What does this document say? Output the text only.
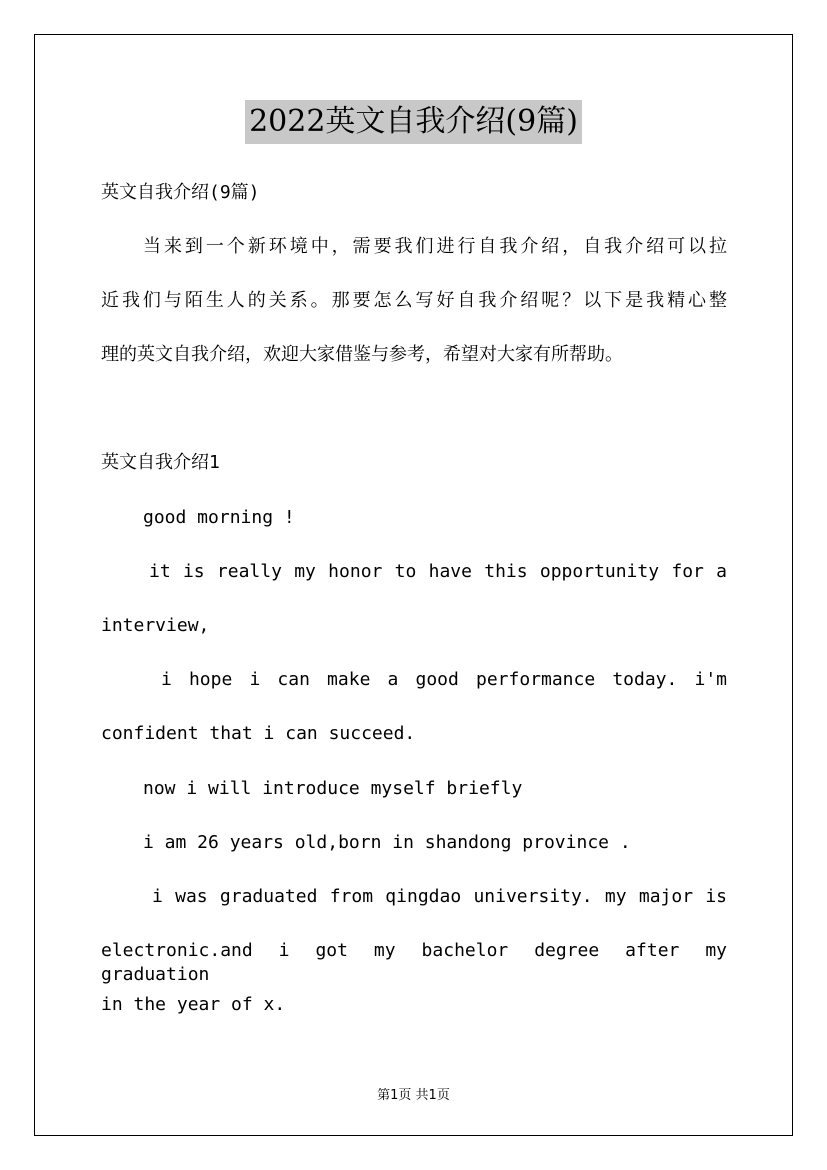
2022英文自我介绍(9篇)
英文自我介绍(9篇)
当来到一个新环境中，需要我们进行自我介绍，自我介绍可以拉
近我们与陌生人的关系。那要怎么写好自我介绍呢？以下是我精心整
理的英文自我介绍，欢迎大家借鉴与参考，希望对大家有所帮助。
英文自我介绍1
good morning !
it is really my honor to have this opportunity for a
interview,
i hope i can make a good performance today. i'm
confident that i can succeed.
now i will introduce myself briefly
i am 26 years old,born in shandong province .
i was graduated from qingdao university. my major is
electronic.and i got my bachelor degree after my graduation
in the year of x.
第1页 共1页
